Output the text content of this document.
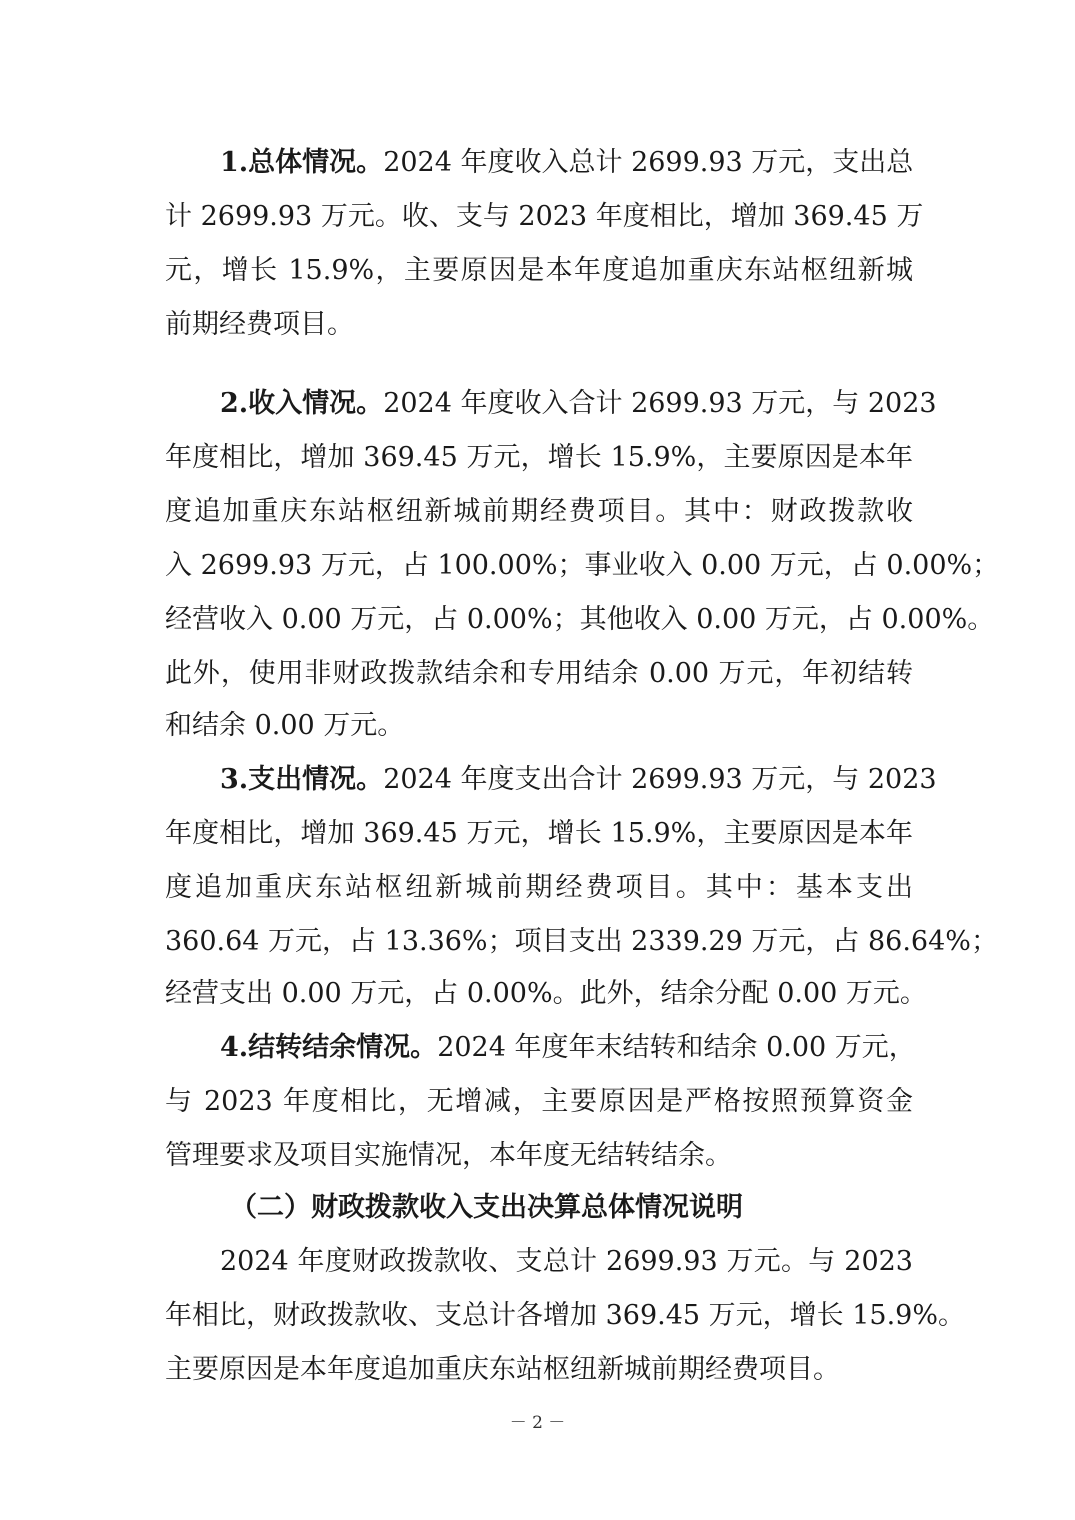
1.总体情况。2024 年度收入总计 2699.93 万元，支出总
计 2699.93 万元。收、支与 2023 年度相比，增加 369.45 万
元，增长 15.9%，主要原因是本年度追加重庆东站枢纽新城
前期经费项目。
2.收入情况。2024 年度收入合计 2699.93 万元，与 2023
年度相比，增加 369.45 万元，增长 15.9%，主要原因是本年
度追加重庆东站枢纽新城前期经费项目。其中：财政拨款收
入 2699.93 万元，占 100.00%；事业收入 0.00 万元，占 0.00%；
经营收入 0.00 万元，占 0.00%；其他收入 0.00 万元，占 0.00%。
此外，使用非财政拨款结余和专用结余 0.00 万元，年初结转
和结余 0.00 万元。
3.支出情况。2024 年度支出合计 2699.93 万元，与 2023
年度相比，增加 369.45 万元，增长 15.9%，主要原因是本年
度追加重庆东站枢纽新城前期经费项目。其中：基本支出
360.64 万元，占 13.36%；项目支出 2339.29 万元，占 86.64%；
经营支出 0.00 万元，占 0.00%。此外，结余分配 0.00 万元。
4.结转结余情况。2024 年度年末结转和结余 0.00 万元，
与 2023 年度相比，无增减，主要原因是严格按照预算资金
管理要求及项目实施情况，本年度无结转结余。
（二）财政拨款收入支出决算总体情况说明
2024 年度财政拨款收、支总计 2699.93 万元。与 2023
年相比，财政拨款收、支总计各增加 369.45 万元，增长 15.9%。
主要原因是本年度追加重庆东站枢纽新城前期经费项目。
－ 2 －
